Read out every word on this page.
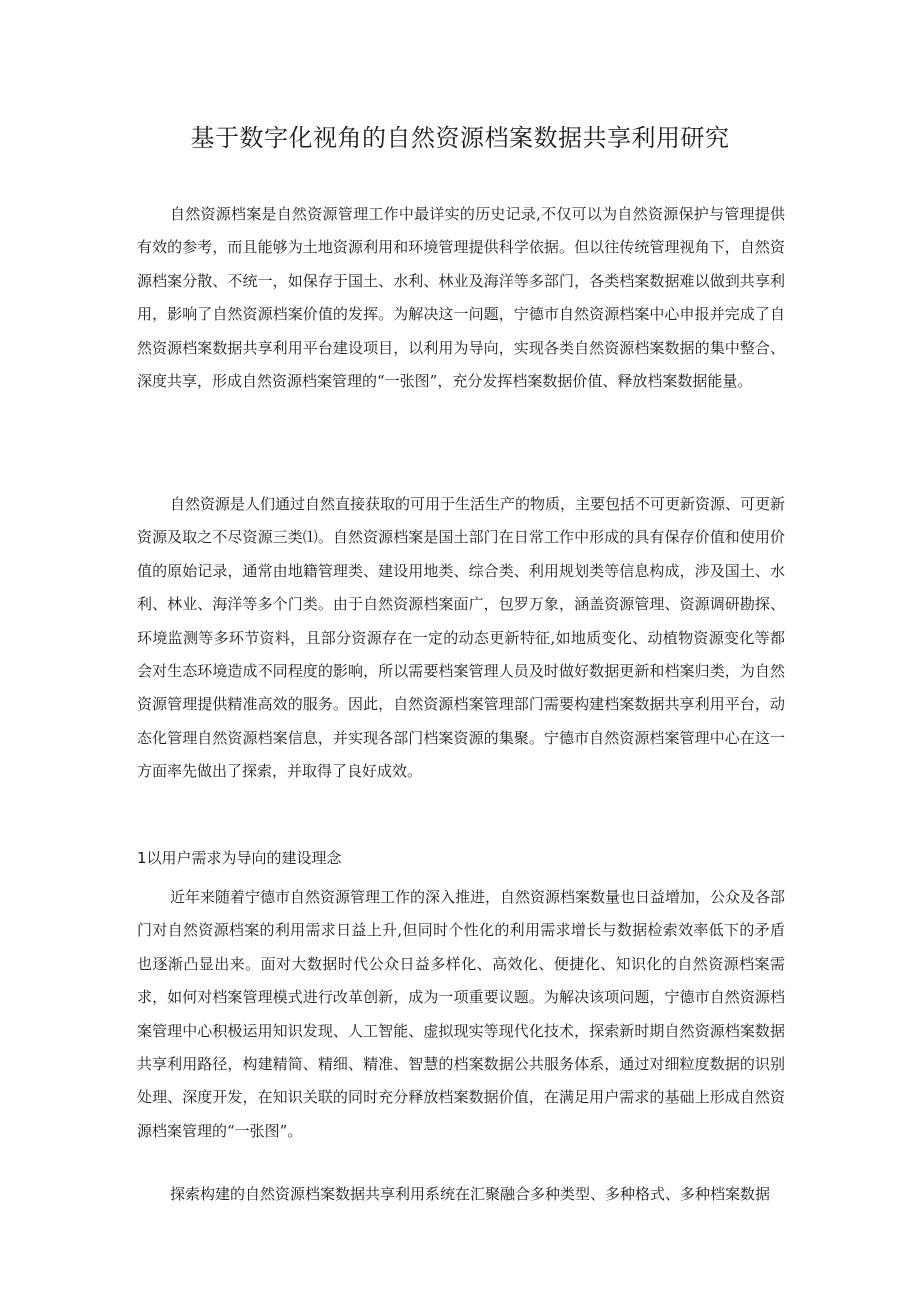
基于数字化视角的自然资源档案数据共享利用研究

自然资源档案是自然资源管理工作中最详实的历史记录,不仅可以为自然资源保护与管理提供有效的参考，而且能够为土地资源利用和环境管理提供科学依据。但以往传统管理视角下，自然资源档案分散、不统一，如保存于国土、水利、林业及海洋等多部门，各类档案数据难以做到共享利用，影响了自然资源档案价值的发挥。为解决这一问题，宁德市自然资源档案中心申报并完成了自然资源档案数据共享利用平台建设项目，以利用为导向，实现各类自然资源档案数据的集中整合、深度共享，形成自然资源档案管理的“一张图”，充分发挥档案数据价值、释放档案数据能量。

自然资源是人们通过自然直接获取的可用于生活生产的物质，主要包括不可更新资源、可更新资源及取之不尽资源三类⑴。自然资源档案是国土部门在日常工作中形成的具有保存价值和使用价值的原始记录，通常由地籍管理类、建设用地类、综合类、利用规划类等信息构成，涉及国土、水利、林业、海洋等多个门类。由于自然资源档案面广，包罗万象，涵盖资源管理、资源调研勘探、环境监测等多环节资料，且部分资源存在一定的动态更新特征,如地质变化、动植物资源变化等都会对生态环境造成不同程度的影响，所以需要档案管理人员及时做好数据更新和档案归类，为自然资源管理提供精准高效的服务。因此，自然资源档案管理部门需要构建档案数据共享利用平台，动态化管理自然资源档案信息，并实现各部门档案资源的集聚。宁德市自然资源档案管理中心在这一方面率先做出了探索，并取得了良好成效。

1以用户需求为导向的建设理念

近年来随着宁德市自然资源管理工作的深入推进，自然资源档案数量也日益增加，公众及各部门对自然资源档案的利用需求日益上升,但同时个性化的利用需求增长与数据检索效率低下的矛盾也逐渐凸显出来。面对大数据时代公众日益多样化、高效化、便捷化、知识化的自然资源档案需求，如何对档案管理模式进行改革创新，成为一项重要议题。为解决该项问题，宁德市自然资源档案管理中心积极运用知识发现、人工智能、虚拟现实等现代化技术，探索新时期自然资源档案数据共享利用路径，构建精简、精细、精准、智慧的档案数据公共服务体系，通过对细粒度数据的识别处理、深度开发，在知识关联的同时充分释放档案数据价值，在满足用户需求的基础上形成自然资源档案管理的“一张图”。

探索构建的自然资源档案数据共享利用系统在汇聚融合多种类型、多种格式、多种档案数据
